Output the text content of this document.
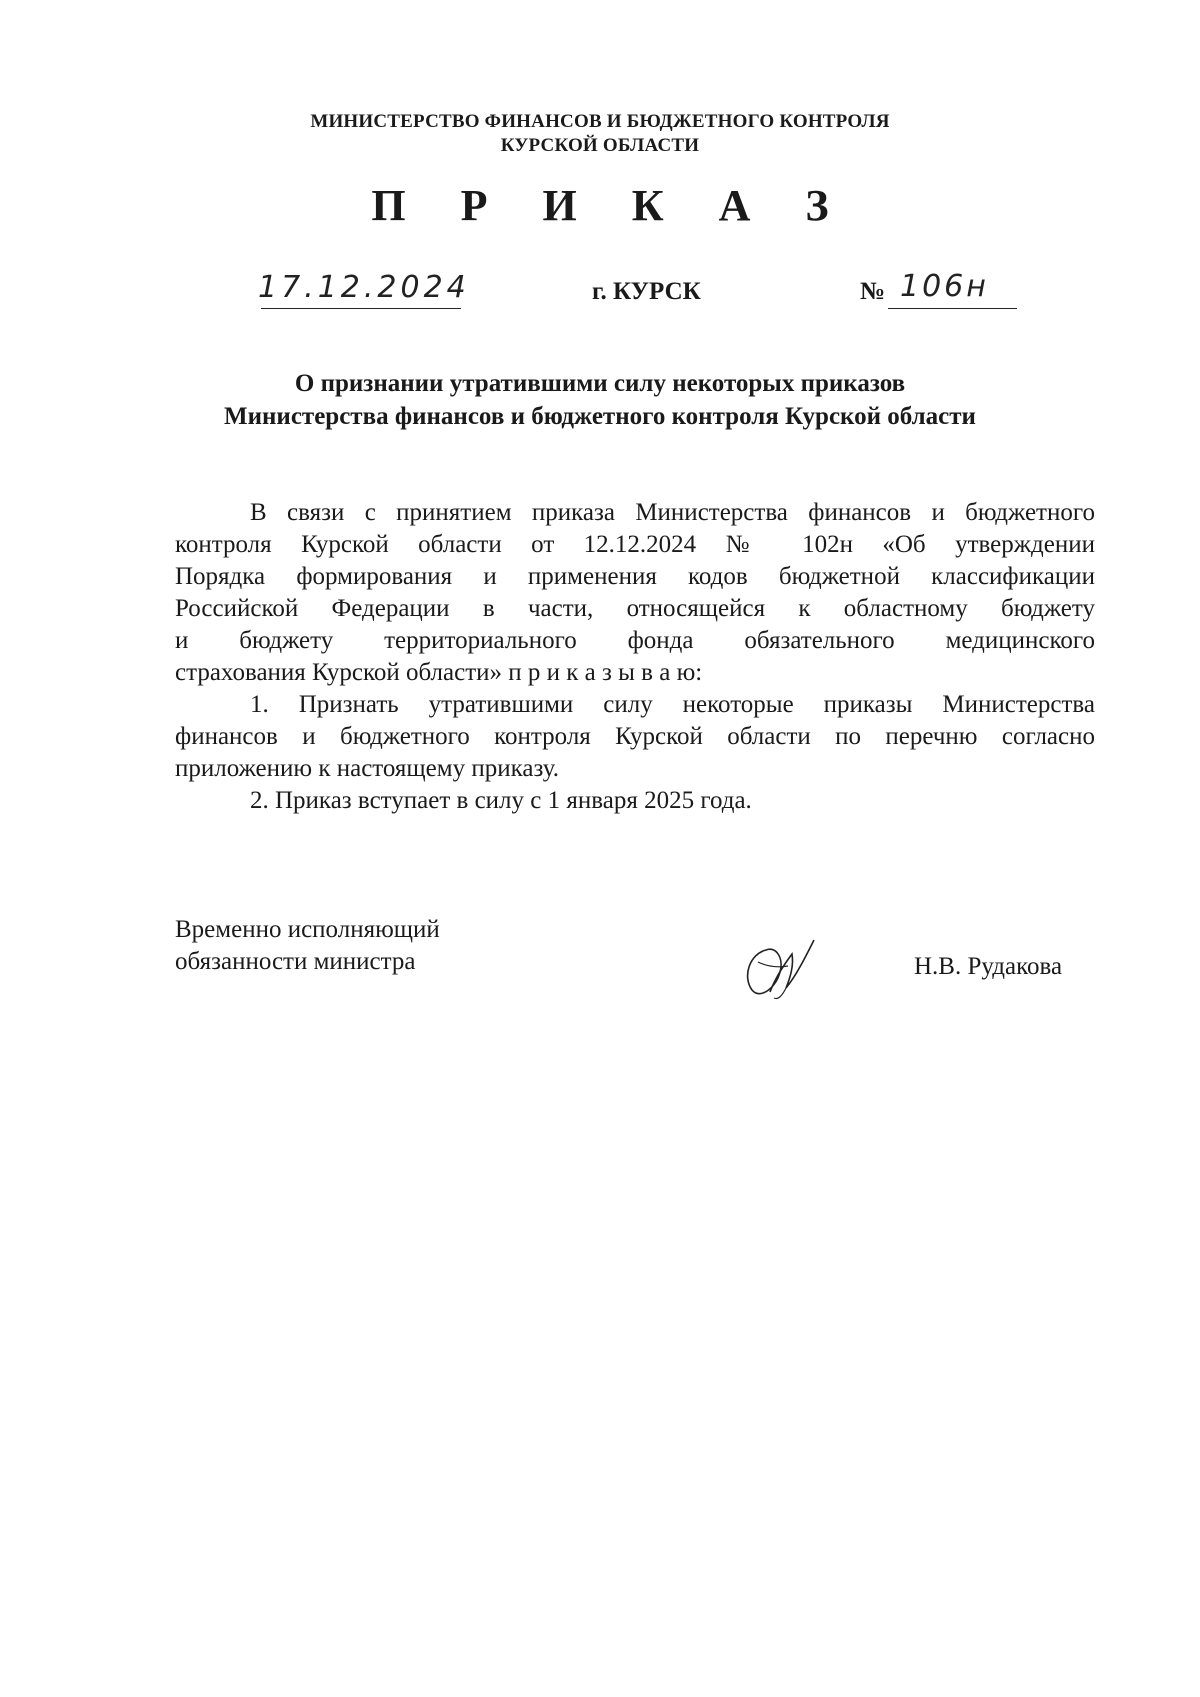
МИНИСТЕРСТВО ФИНАНСОВ И БЮДЖЕТНОГО КОНТРОЛЯ
КУРСКОЙ ОБЛАСТИ
П Р И К А З
17.12.2024	г. КУРСК	№ 106н
О признании утратившими силу некоторых приказов
Министерства финансов и бюджетного контроля Курской области
В связи с принятием приказа Министерства финансов и бюджетного
контроля Курской области от 12.12.2024 № 102н «Об утверждении
Порядка формирования и применения кодов бюджетной классификации
Российской Федерации в части, относящейся к областному бюджету
и бюджету территориального фонда обязательного медицинского
страхования Курской области» п р и к а з ы в а ю:
1. Признать утратившими силу некоторые приказы Министерства
финансов и бюджетного контроля Курской области по перечню согласно
приложению к настоящему приказу.
2. Приказ вступает в силу с 1 января 2025 года.
Временно исполняющий
обязанности министра	Н.В. Рудакова
